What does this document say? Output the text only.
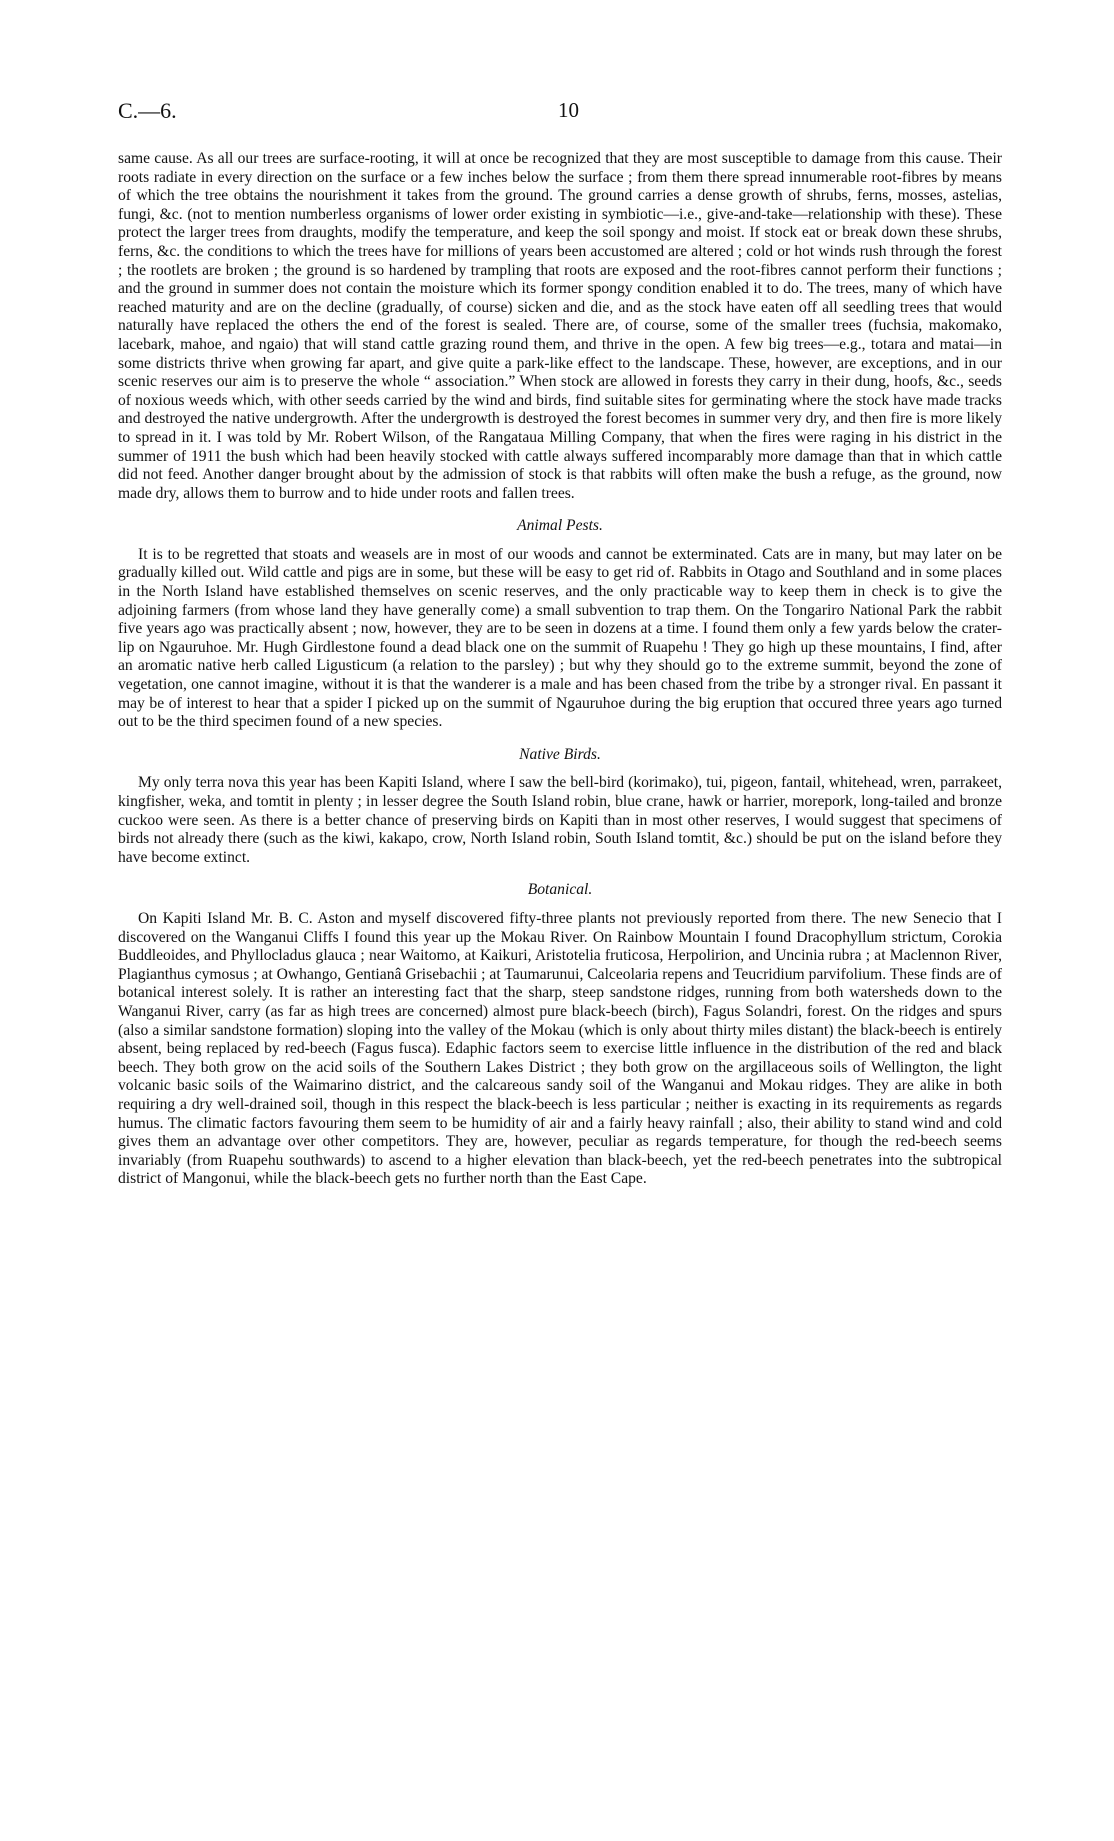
C.—6.	10

same cause. As all our trees are surface-rooting, it will at once be recognized that they are most susceptible to damage from this cause. Their roots radiate in every direction on the surface or a few inches below the surface ; from them there spread innumerable root-fibres by means of which the tree obtains the nourishment it takes from the ground. The ground carries a dense growth of shrubs, ferns, mosses, astelias, fungi, &c. (not to mention numberless organisms of lower order existing in symbiotic—i.e., give-and-take—relationship with these). These protect the larger trees from draughts, modify the temperature, and keep the soil spongy and moist. If stock eat or break down these shrubs, ferns, &c. the conditions to which the trees have for millions of years been accustomed are altered ; cold or hot winds rush through the forest ; the rootlets are broken ; the ground is so hardened by trampling that roots are exposed and the root-fibres cannot perform their functions ; and the ground in summer does not contain the moisture which its former spongy condition enabled it to do. The trees, many of which have reached maturity and are on the decline (gradually, of course) sicken and die, and as the stock have eaten off all seedling trees that would naturally have replaced the others the end of the forest is sealed. There are, of course, some of the smaller trees (fuchsia, makomako, lacebark, mahoe, and ngaio) that will stand cattle grazing round them, and thrive in the open. A few big trees—e.g., totara and matai—in some districts thrive when growing far apart, and give quite a park-like effect to the landscape. These, however, are exceptions, and in our scenic reserves our aim is to preserve the whole “ association.” When stock are allowed in forests they carry in their dung, hoofs, &c., seeds of noxious weeds which, with other seeds carried by the wind and birds, find suitable sites for germinating where the stock have made tracks and destroyed the native undergrowth. After the undergrowth is destroyed the forest becomes in summer very dry, and then fire is more likely to spread in it. I was told by Mr. Robert Wilson, of the Rangataua Milling Company, that when the fires were raging in his district in the summer of 1911 the bush which had been heavily stocked with cattle always suffered incomparably more damage than that in which cattle did not feed. Another danger brought about by the admission of stock is that rabbits will often make the bush a refuge, as the ground, now made dry, allows them to burrow and to hide under roots and fallen trees.

Animal Pests.

It is to be regretted that stoats and weasels are in most of our woods and cannot be exterminated. Cats are in many, but may later on be gradually killed out. Wild cattle and pigs are in some, but these will be easy to get rid of. Rabbits in Otago and Southland and in some places in the North Island have established themselves on scenic reserves, and the only practicable way to keep them in check is to give the adjoining farmers (from whose land they have generally come) a small subvention to trap them. On the Tongariro National Park the rabbit five years ago was practically absent ; now, however, they are to be seen in dozens at a time. I found them only a few yards below the crater-lip on Ngauruhoe. Mr. Hugh Girdlestone found a dead black one on the summit of Ruapehu ! They go high up these mountains, I find, after an aromatic native herb called Ligusticum (a relation to the parsley) ; but why they should go to the extreme summit, beyond the zone of vegetation, one cannot imagine, without it is that the wanderer is a male and has been chased from the tribe by a stronger rival. En passant it may be of interest to hear that a spider I picked up on the summit of Ngauruhoe during the big eruption that occured three years ago turned out to be the third specimen found of a new species.

Native Birds.

My only terra nova this year has been Kapiti Island, where I saw the bell-bird (korimako), tui, pigeon, fantail, whitehead, wren, parrakeet, kingfisher, weka, and tomtit in plenty ; in lesser degree the South Island robin, blue crane, hawk or harrier, morepork, long-tailed and bronze cuckoo were seen. As there is a better chance of preserving birds on Kapiti than in most other reserves, I would suggest that specimens of birds not already there (such as the kiwi, kakapo, crow, North Island robin, South Island tomtit, &c.) should be put on the island before they have become extinct.

Botanical.

On Kapiti Island Mr. B. C. Aston and myself discovered fifty-three plants not previously reported from there. The new Senecio that I discovered on the Wanganui Cliffs I found this year up the Mokau River. On Rainbow Mountain I found Dracophyllum strictum, Corokia Buddleoides, and Phyllocladus glauca ; near Waitomo, at Kaikuri, Aristotelia fruticosa, Herpolirion, and Uncinia rubra ; at Maclennon River, Plagianthus cymosus ; at Owhango, Gentianâ Grisebachii ; at Taumarunui, Calceolaria repens and Teucridium parvifolium. These finds are of botanical interest solely. It is rather an interesting fact that the sharp, steep sandstone ridges, running from both watersheds down to the Wanganui River, carry (as far as high trees are concerned) almost pure black-beech (birch), Fagus Solandri, forest. On the ridges and spurs (also a similar sandstone formation) sloping into the valley of the Mokau (which is only about thirty miles distant) the black-beech is entirely absent, being replaced by red-beech (Fagus fusca). Edaphic factors seem to exercise little influence in the distribution of the red and black beech. They both grow on the acid soils of the Southern Lakes District ; they both grow on the argillaceous soils of Wellington, the light volcanic basic soils of the Waimarino district, and the calcareous sandy soil of the Wanganui and Mokau ridges. They are alike in both requiring a dry well-drained soil, though in this respect the black-beech is less particular ; neither is exacting in its requirements as regards humus. The climatic factors favouring them seem to be humidity of air and a fairly heavy rainfall ; also, their ability to stand wind and cold gives them an advantage over other competitors. They are, however, peculiar as regards temperature, for though the red-beech seems invariably (from Ruapehu southwards) to ascend to a higher elevation than black-beech, yet the red-beech penetrates into the subtropical district of Mangonui, while the black-beech gets no further north than the East Cape.
